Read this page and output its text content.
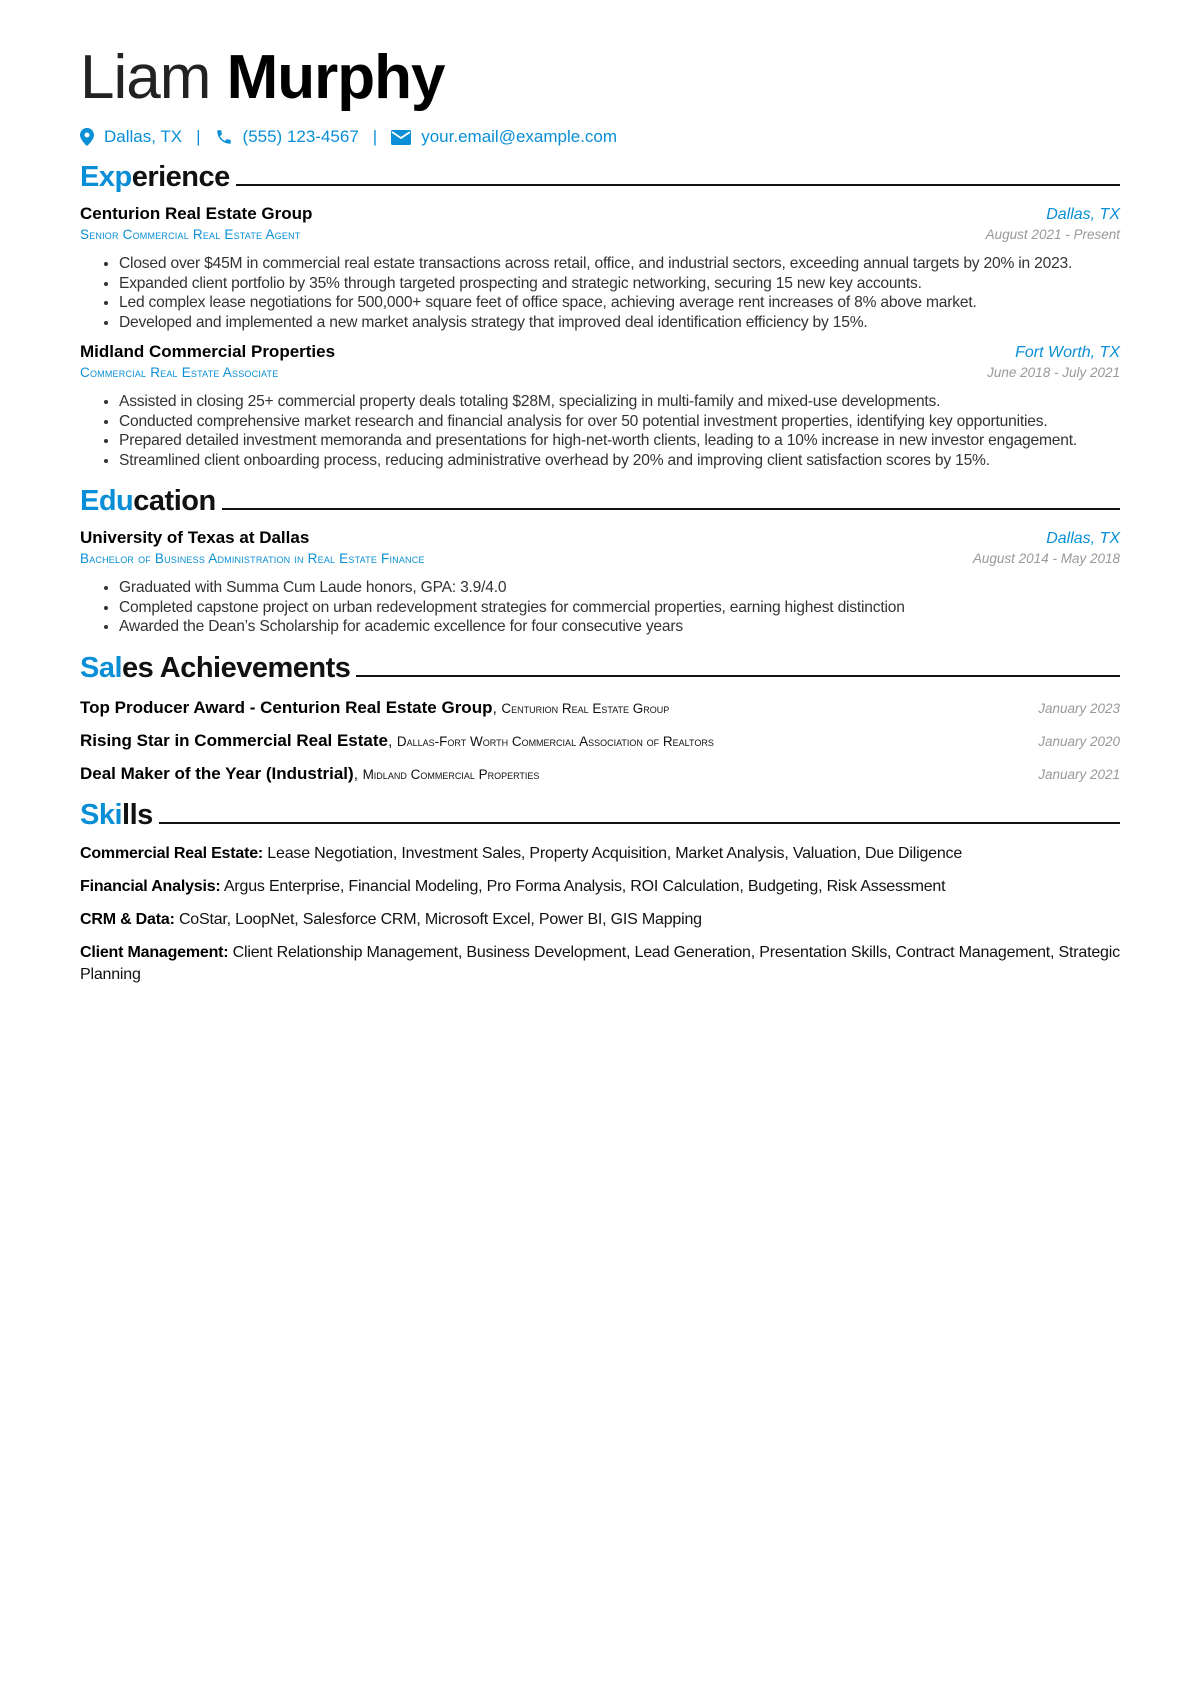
Liam Murphy
Dallas, TX | (555) 123-4567 |	your.email@example.com
Experience
Centurion Real Estate Group	Dallas, TX
Senior Commercial Real Estate Agent	August 2021 - Present
• Closed over $45M in commercial real estate transactions across retail, office, and industrial sectors, exceeding annual targets by 20% in 2023.
• Expanded client portfolio by 35% through targeted prospecting and strategic networking, securing 15 new key accounts.
• Led complex lease negotiations for 500,000+ square feet of office space, achieving average rent increases of 8% above market.
• Developed and implemented a new market analysis strategy that improved deal identification efficiency by 15%.
Midland Commercial Properties	Fort Worth, TX
Commercial Real Estate Associate	June 2018 - July 2021
• Assisted in closing 25+ commercial property deals totaling $28M, specializing in multi-family and mixed-use developments.
• Conducted comprehensive market research and financial analysis for over 50 potential investment properties, identifying key opportunities.
• Prepared detailed investment memoranda and presentations for high-net-worth clients, leading to a 10% increase in new investor engagement.
• Streamlined client onboarding process, reducing administrative overhead by 20% and improving client satisfaction scores by 15%.
Education
University of Texas at Dallas	Dallas, TX
Bachelor of Business Administration in Real Estate Finance	August 2014 - May 2018
• Graduated with Summa Cum Laude honors, GPA: 3.9/4.0
• Completed capstone project on urban redevelopment strategies for commercial properties, earning highest distinction
• Awarded the Dean’s Scholarship for academic excellence for four consecutive years
Sales Achievements
Top Producer Award - Centurion Real Estate Group, Centurion Real Estate Group	January 2023
Rising Star in Commercial Real Estate, Dallas-Fort Worth Commercial Association of Realtors	January 2020
Deal Maker of the Year (Industrial), Midland Commercial Properties	January 2021
Skills
Commercial Real Estate: Lease Negotiation, Investment Sales, Property Acquisition, Market Analysis, Valuation, Due Diligence
Financial Analysis: Argus Enterprise, Financial Modeling, Pro Forma Analysis, ROI Calculation, Budgeting, Risk Assessment
CRM & Data: CoStar, LoopNet, Salesforce CRM, Microsoft Excel, Power BI, GIS Mapping
Client Management: Client Relationship Management, Business Development, Lead Generation, Presentation Skills, Contract Management, Strategic Planning
